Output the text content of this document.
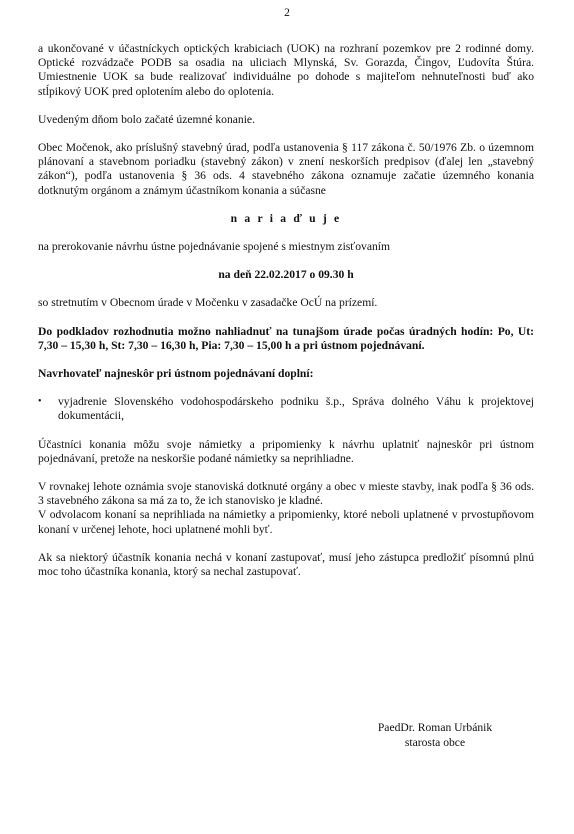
2

a ukončované v účastníckych optických krabiciach (UOK) na rozhraní pozemkov pre 2 rodinné domy. Optické rozvádzače PODB sa osadia na uliciach Mlynská, Sv. Gorazda, Čingov, Ľudovíta Štúra. Umiestnenie UOK sa bude realizovať individuálne po dohode s majiteľom nehnuteľnosti buď ako stĺpikový UOK pred oplotením alebo do oplotenia.

Uvedeným dňom bolo začaté územné konanie.

Obec Močenok, ako príslušný stavebný úrad, podľa ustanovenia § 117 zákona č. 50/1976 Zb. o územnom plánovaní a stavebnom poriadku (stavebný zákon) v znení neskorších predpisov (ďalej len „stavebný zákon“), podľa ustanovenia § 36 ods. 4 stavebného zákona oznamuje začatie územného konania dotknutým orgánom a známym účastníkom konania a súčasne

n a r i a ď u j e

na prerokovanie návrhu ústne pojednávanie spojené s miestnym zisťovaním

na deň 22.02.2017 o 09.30 h

so stretnutím v Obecnom úrade v Močenku v zasadačke OcÚ na prízemí.

Do podkladov rozhodnutia možno nahliadnuť na tunajšom úrade počas úradných hodín: Po, Ut: 7,30 – 15,30 h, St: 7,30 – 16,30 h, Pia: 7,30 – 15,00 h a pri ústnom pojednávaní.

Navrhovateľ najneskôr pri ústnom pojednávaní doplní:

•	vyjadrenie Slovenského vodohospodárskeho podniku š.p., Správa dolného Váhu k projektovej dokumentácii,

Účastníci konania môžu svoje námietky a pripomienky k návrhu uplatniť najneskôr pri ústnom pojednávaní, pretože na neskoršie podané námietky sa neprihliadne.

V rovnakej lehote oznámia svoje stanoviská dotknuté orgány a obec v mieste stavby, inak podľa § 36 ods. 3 stavebného zákona sa má za to, že ich stanovisko je kladné.

V odvolacom konaní sa neprihliada na námietky a pripomienky, ktoré neboli uplatnené v prvostupňovom konaní v určenej lehote, hoci uplatnené mohli byť.

Ak sa niektorý účastník konania nechá v konaní zastupovať, musí jeho zástupca predložiť písomnú plnú moc toho účastníka konania, ktorý sa nechal zastupovať.

PaedDr. Roman Urbánik
starosta obce
